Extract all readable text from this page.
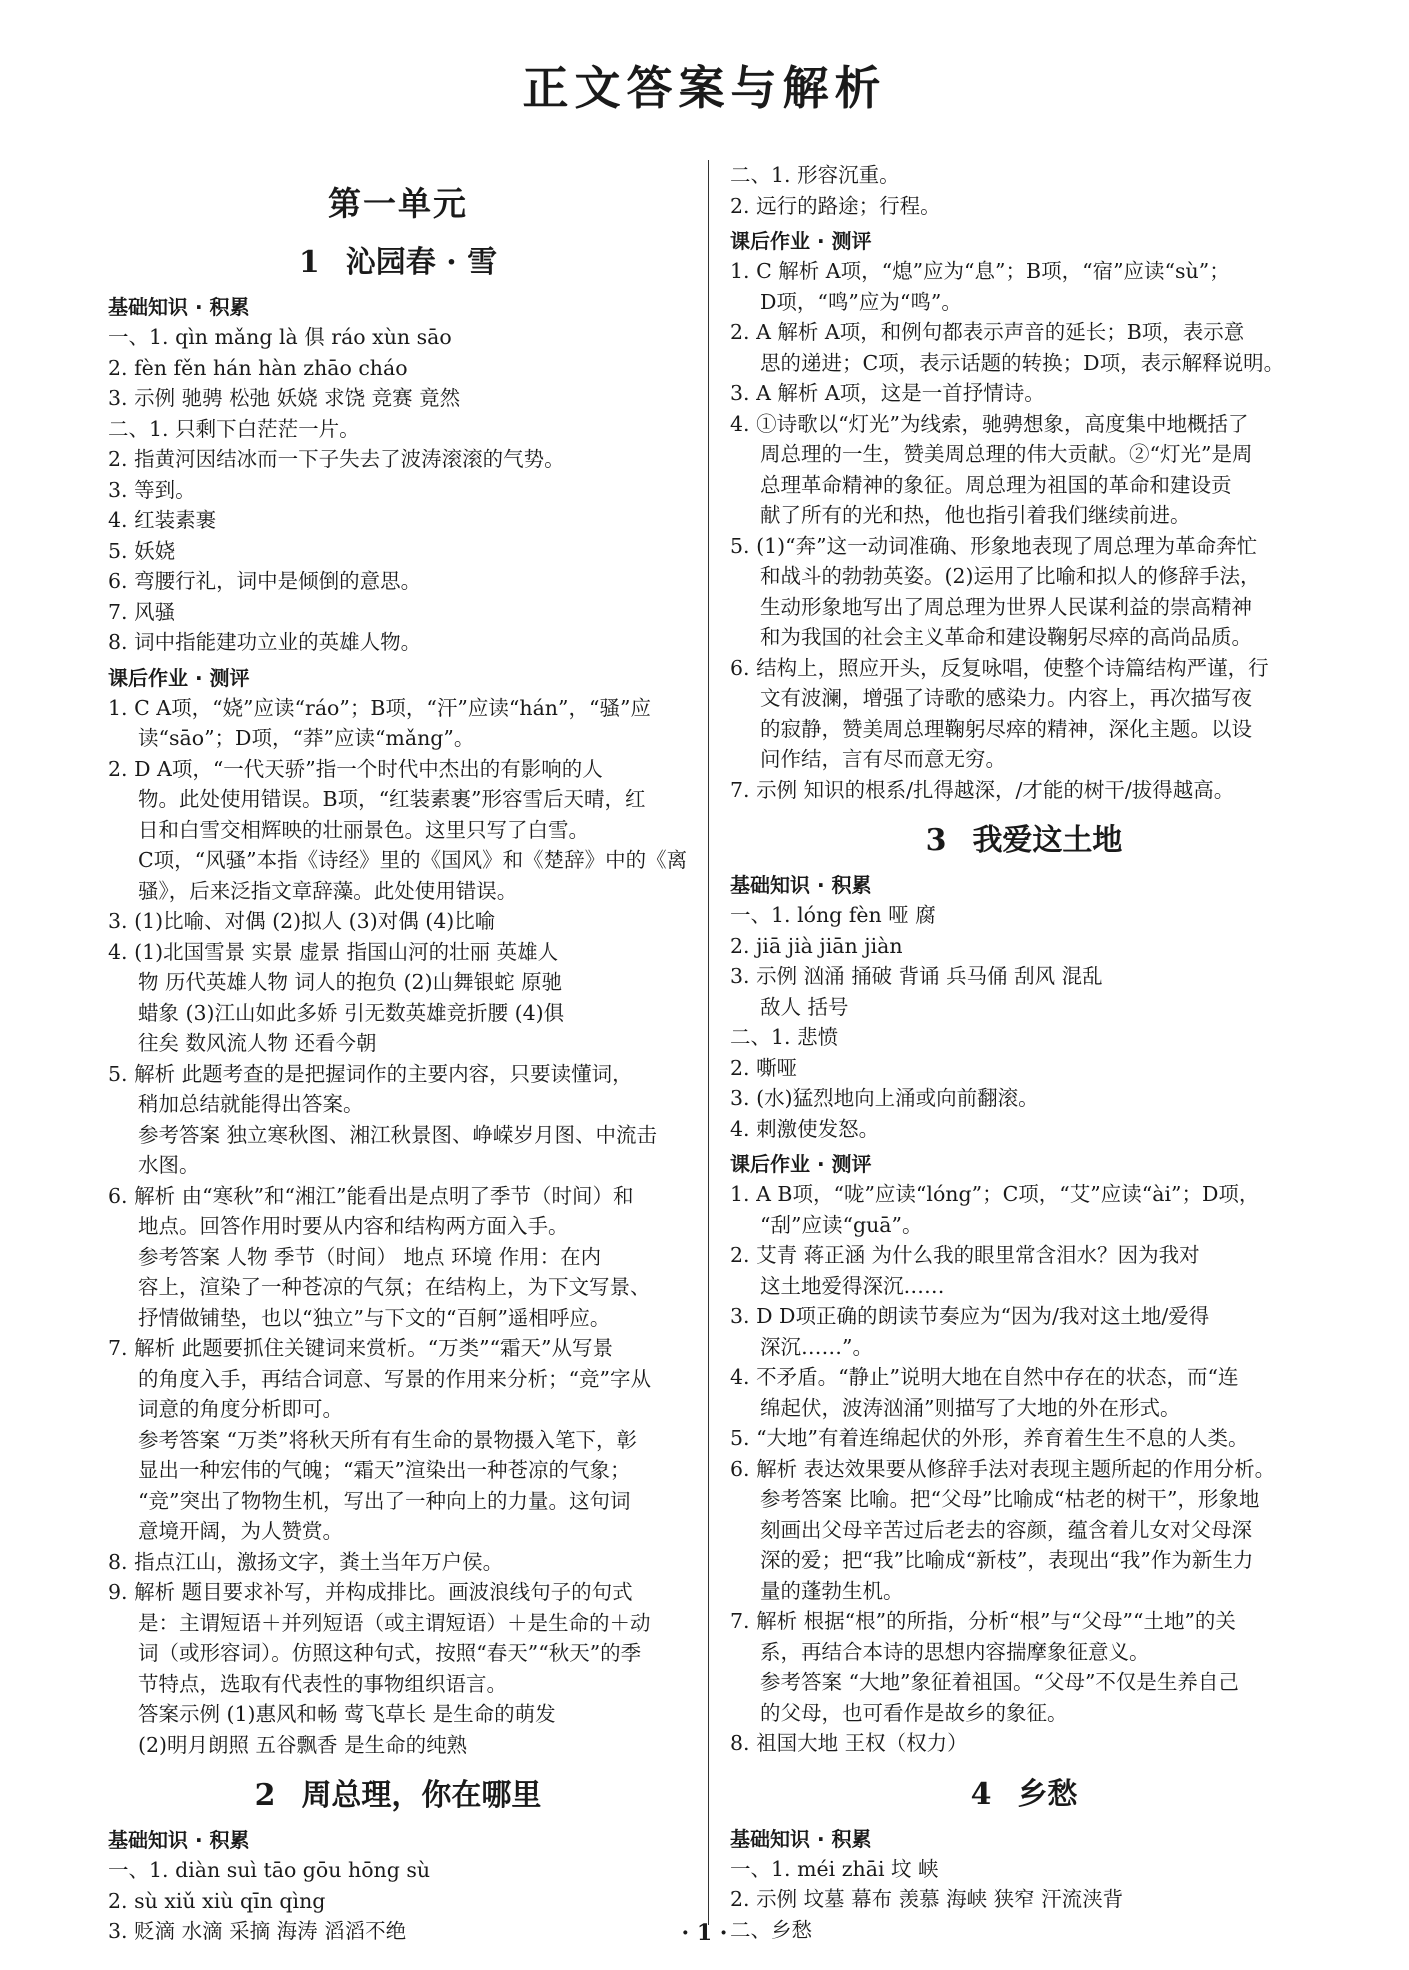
正文答案与解析
第一单元
1 沁园春 · 雪
基础知识 · 积累

一、1. qìn mǎng là 俱 ráo xùn sāo

2. fèn fěn hán hàn zhāo cháo

3. 示例 驰骋 松弛 妖娆 求饶 竞赛 竟然

二、1. 只剩下白茫茫一片。

2. 指黄河因结冰而一下子失去了波涛滚滚的气势。

3. 等到。

4. 红装素裹

5. 妖娆

6. 弯腰行礼，词中是倾倒的意思。

7. 风骚

8. 词中指能建功立业的英雄人物。

课后作业 · 测评

1. C A项，“娆”应读“ráo”；B项，“汗”应读“hán”，“骚”应

读“sāo”；D项，“莽”应读“mǎng”。

2. D A项，“一代天骄”指一个时代中杰出的有影响的人

物。此处使用错误。B项，“红装素裹”形容雪后天晴，红

日和白雪交相辉映的壮丽景色。这里只写了白雪。

C项，“风骚”本指《诗经》里的《国风》和《楚辞》中的《离

骚》，后来泛指文章辞藻。此处使用错误。

3. (1)比喻、对偶 (2)拟人 (3)对偶 (4)比喻

4. (1)北国雪景 实景 虚景 指国山河的壮丽 英雄人

物 历代英雄人物 词人的抱负 (2)山舞银蛇 原驰

蜡象 (3)江山如此多娇 引无数英雄竞折腰 (4)俱

往矣 数风流人物 还看今朝

5. 解析 此题考查的是把握词作的主要内容，只要读懂词，

稍加总结就能得出答案。

参考答案 独立寒秋图、湘江秋景图、峥嵘岁月图、中流击

水图。

6. 解析 由“寒秋”和“湘江”能看出是点明了季节（时间）和

地点。回答作用时要从内容和结构两方面入手。

参考答案 人物 季节（时间） 地点 环境 作用：在内

容上，渲染了一种苍凉的气氛；在结构上，为下文写景、

抒情做铺垫，也以“独立”与下文的“百舸”遥相呼应。

7. 解析 此题要抓住关键词来赏析。“万类”“霜天”从写景

的角度入手，再结合词意、写景的作用来分析；“竞”字从

词意的角度分析即可。

参考答案 “万类”将秋天所有有生命的景物摄入笔下，彰

显出一种宏伟的气魄；“霜天”渲染出一种苍凉的气象；

“竞”突出了物物生机，写出了一种向上的力量。这句词

意境开阔，为人赞赏。

8. 指点江山，激扬文字，粪土当年万户侯。

9. 解析 题目要求补写，并构成排比。画波浪线句子的句式

是：主谓短语＋并列短语（或主谓短语）＋是生命的＋动

词（或形容词）。仿照这种句式，按照“春天”“秋天”的季

节特点，选取有代表性的事物组织语言。

答案示例 (1)惠风和畅 莺飞草长 是生命的萌发

(2)明月朗照 五谷飘香 是生命的纯熟

2 周总理，你在哪里
基础知识 · 积累

一、1. diàn suì tāo gōu hōng sù

2. sù xiǔ xiù qīn qìng

3. 贬滴 水滴 采摘 海涛 滔滔不绝

二、1. 形容沉重。

2. 远行的路途；行程。

课后作业 · 测评

1. C 解析 A项，“熄”应为“息”；B项，“宿”应读“sù”；

D项，“鸣”应为“鸣”。

2. A 解析 A项，和例句都表示声音的延长；B项，表示意

思的递进；C项，表示话题的转换；D项，表示解释说明。

3. A 解析 A项，这是一首抒情诗。

4. ①诗歌以“灯光”为线索，驰骋想象，高度集中地概括了

周总理的一生，赞美周总理的伟大贡献。②“灯光”是周

总理革命精神的象征。周总理为祖国的革命和建设贡

献了所有的光和热，他也指引着我们继续前进。

5. (1)“奔”这一动词准确、形象地表现了周总理为革命奔忙

和战斗的勃勃英姿。(2)运用了比喻和拟人的修辞手法，

生动形象地写出了周总理为世界人民谋利益的崇高精神

和为我国的社会主义革命和建设鞠躬尽瘁的高尚品质。

6. 结构上，照应开头，反复咏唱，使整个诗篇结构严谨，行

文有波澜，增强了诗歌的感染力。内容上，再次描写夜

的寂静，赞美周总理鞠躬尽瘁的精神，深化主题。以设

问作结，言有尽而意无穷。

7. 示例 知识的根系/扎得越深，/才能的树干/拔得越高。

3 我爱这土地
基础知识 · 积累

一、1. lóng fèn 哑 腐

2. jiā jià jiān jiàn

3. 示例 汹涌 捅破 背诵 兵马俑 刮风 混乱

敌人 括号

二、1. 悲愤

2. 嘶哑

3. (水)猛烈地向上涌或向前翻滚。

4. 刺激使发怒。

课后作业 · 测评

1. A B项，“咙”应读“lóng”；C项，“艾”应读“ài”；D项，

“刮”应读“guā”。

2. 艾青 蒋正涵 为什么我的眼里常含泪水？因为我对

这土地爱得深沉……

3. D D项正确的朗读节奏应为“因为/我对这土地/爱得

深沉……”。

4. 不矛盾。“静止”说明大地在自然中存在的状态，而“连

绵起伏，波涛汹涌”则描写了大地的外在形式。

5. “大地”有着连绵起伏的外形，养育着生生不息的人类。

6. 解析 表达效果要从修辞手法对表现主题所起的作用分析。

参考答案 比喻。把“父母”比喻成“枯老的树干”，形象地

刻画出父母辛苦过后老去的容颜，蕴含着儿女对父母深

深的爱；把“我”比喻成“新枝”，表现出“我”作为新生力

量的蓬勃生机。

7. 解析 根据“根”的所指，分析“根”与“父母”“土地”的关

系，再结合本诗的思想内容揣摩象征意义。

参考答案 “大地”象征着祖国。“父母”不仅是生养自己

的父母，也可看作是故乡的象征。

8. 祖国大地 王权（权力）

4 乡愁
基础知识 · 积累

一、1. méi zhāi 坟 峡

2. 示例 坟墓 幕布 羡慕 海峡 狭窄 汗流浃背

二、乡愁

· 1 ·
